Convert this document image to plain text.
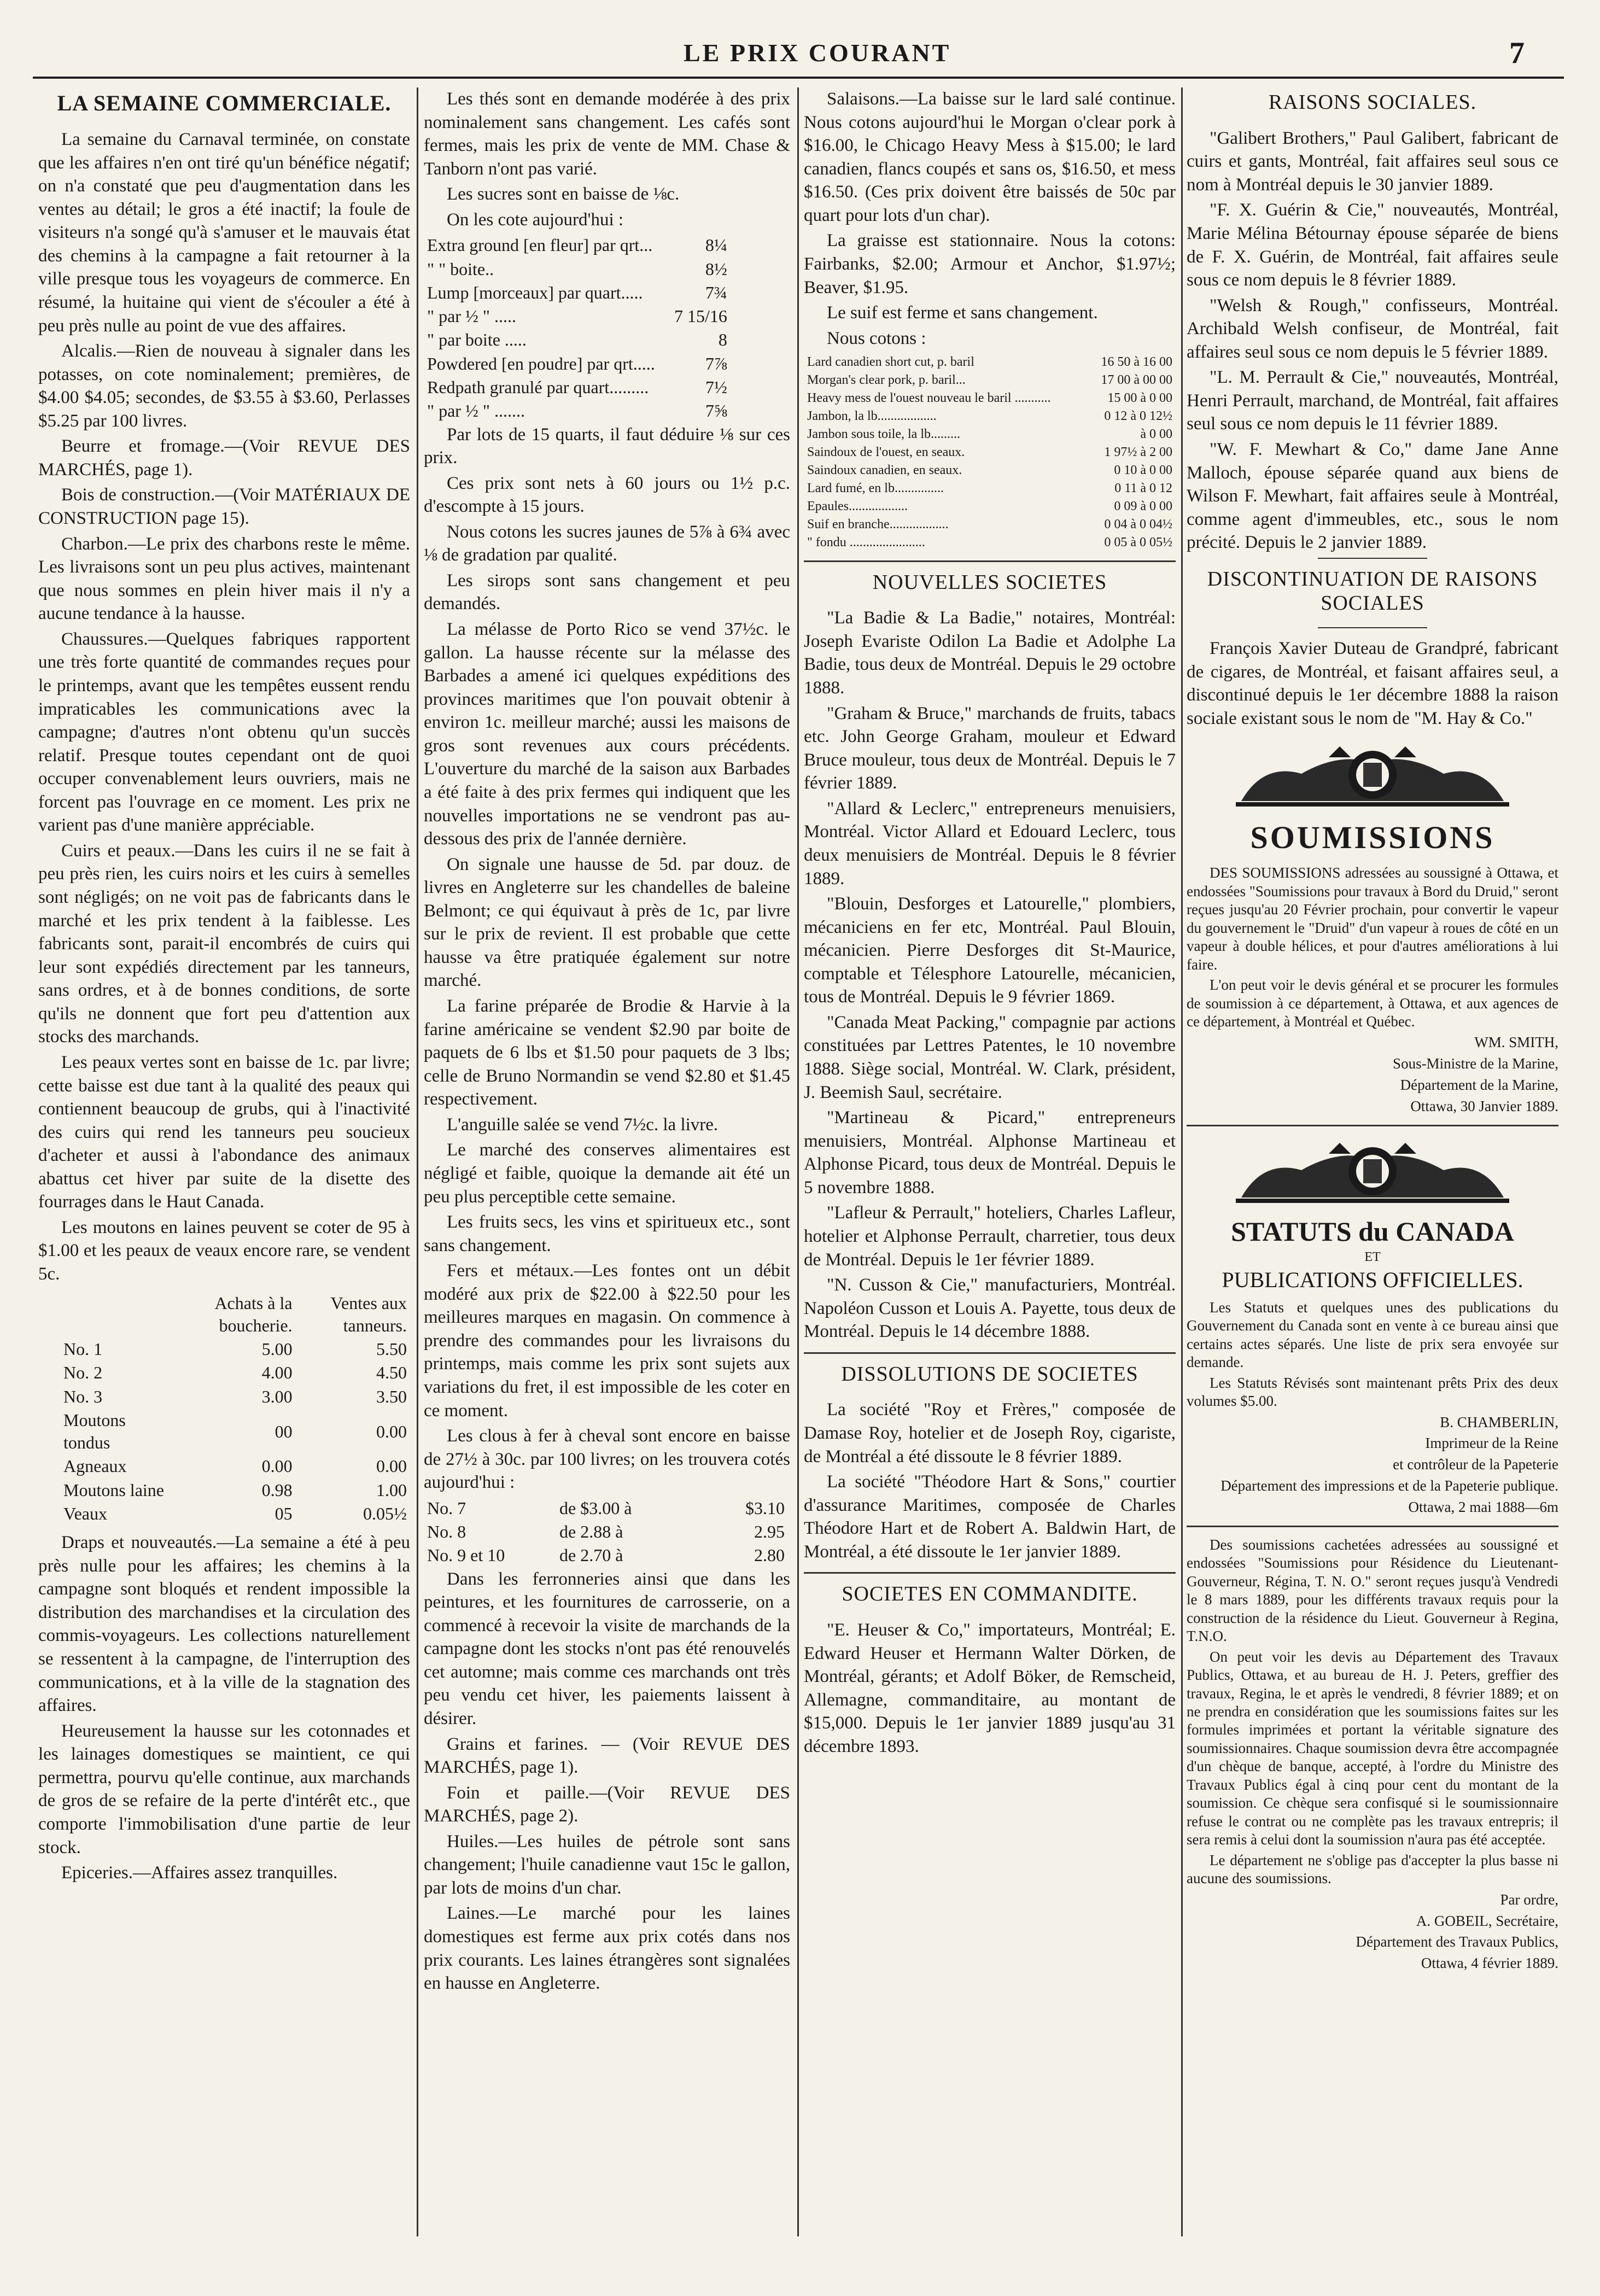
LE PRIX COURANT	7
LA SEMAINE COMMERCIALE.

La semaine du Carnaval terminée, on constate que les affaires n'en ont tiré qu'un bénéfice négatif; on n'a constaté que peu d'augmentation dans les ventes au détail; le gros a été inactif; la foule de visiteurs n'a songé qu'à s'amuser et le mauvais état des chemins à la campagne a fait retourner à la ville presque tous les voyageurs de commerce. En résumé, la huitaine qui vient de s'écouler a été à peu près nulle au point de vue des affaires.

Alcalis.—Rien de nouveau à signaler dans les potasses, on cote nominalement; premières, de $4.00 $4.05; secondes, de $3.55 à $3.60, Perlasses $5.25 par 100 livres.

Beurre et fromage.—(Voir REVUE DES MARCHÉS, page 1).

Bois de construction.—(Voir MATÉRIAUX DE CONSTRUCTION page 15).

Charbon.—Le prix des charbons reste le même. Les livraisons sont un peu plus actives, maintenant que nous sommes en plein hiver mais il n'y a aucune tendance à la hausse.

Chaussures.—Quelques fabriques rapportent une très forte quantité de commandes reçues pour le printemps, avant que les tempêtes eussent rendu impraticables les communications avec la campagne; d'autres n'ont obtenu qu'un succès relatif. Presque toutes cependant ont de quoi occuper convenablement leurs ouvriers, mais ne forcent pas l'ouvrage en ce moment. Les prix ne varient pas d'une manière appréciable.

Cuirs et peaux.—Dans les cuirs il ne se fait à peu près rien, les cuirs noirs et les cuirs à semelles sont négligés; on ne voit pas de fabricants dans le marché et les prix tendent à la faiblesse. Les fabricants sont, parait-il encombrés de cuirs qui leur sont expédiés directement par les tanneurs, sans ordres, et à de bonnes conditions, de sorte qu'ils ne donnent que fort peu d'attention aux stocks des marchands.

Les peaux vertes sont en baisse de 1c. par livre; cette baisse est due tant à la qualité des peaux qui contiennent beaucoup de grubs, qui à l'inactivité des cuirs qui rend les tanneurs peu soucieux d'acheter et aussi à l'abondance des animaux abattus cet hiver par suite de la disette des fourrages dans le Haut Canada.

Les moutons en laines peuvent se coter de 95 à $1.00 et les peaux de veaux encore rare, se vendent 5c.

	Achats à la boucherie.	Ventes aux tanneurs.
No. 1	5.00	5.50
No. 2	4.00	4.50
No. 3	3.00	3.50
Moutons tondus	00	0.00
Agneaux	0.00	0.00
Moutons laine	0.98	1.00
Veaux	05	0.05½

Draps et nouveautés.—La semaine a été à peu près nulle pour les affaires; les chemins à la campagne sont bloqués et rendent impossible la distribution des marchandises et la circulation des commis-voyageurs. Les collections naturellement se ressentent à la campagne, de l'interruption des communications, et à la ville de la stagnation des affaires.

Heureusement la hausse sur les cotonnades et les lainages domestiques se maintient, ce qui permettra, pourvu qu'elle continue, aux marchands de gros de se refaire de la perte d'intérêt etc., que comporte l'immobilisation d'une partie de leur stock.

Epiceries.—Affaires assez tranquilles.

Les thés sont en demande modérée à des prix nominalement sans changement. Les cafés sont fermes, mais les prix de vente de MM. Chase & Tanborn n'ont pas varié.

Les sucres sont en baisse de ⅛c.

On les cote aujourd'hui :

Extra ground [en fleur] par qrt...	8¼
" " boite..	8½
Lump [morceaux] par quart.....	7¾
" par ½ " .....	7 15/16
" par boite .....	8
Powdered [en poudre] par qrt.....	7⅞
Redpath granulé par quart.........	7½
" par ½ " .......	7⅝

Par lots de 15 quarts, il faut déduire ⅛ sur ces prix.

Ces prix sont nets à 60 jours ou 1½ p.c. d'escompte à 15 jours.

Nous cotons les sucres jaunes de 5⅞ à 6¾ avec ⅛ de gradation par qualité.

Les sirops sont sans changement et peu demandés.

La mélasse de Porto Rico se vend 37½c. le gallon. La hausse récente sur la mélasse des Barbades a amené ici quelques expéditions des provinces maritimes que l'on pouvait obtenir à environ 1c. meilleur marché; aussi les maisons de gros sont revenues aux cours précédents. L'ouverture du marché de la saison aux Barbades a été faite à des prix fermes qui indiquent que les nouvelles importations ne se vendront pas au-dessous des prix de l'année dernière.

On signale une hausse de 5d. par douz. de livres en Angleterre sur les chandelles de baleine Belmont; ce qui équivaut à près de 1c, par livre sur le prix de revient. Il est probable que cette hausse va être pratiquée également sur notre marché.

La farine préparée de Brodie & Harvie à la farine américaine se vendent $2.90 par boite de paquets de 6 lbs et $1.50 pour paquets de 3 lbs; celle de Bruno Normandin se vend $2.80 et $1.45 respectivement.

L'anguille salée se vend 7½c. la livre.

Le marché des conserves alimentaires est négligé et faible, quoique la demande ait été un peu plus perceptible cette semaine.

Les fruits secs, les vins et spiritueux etc., sont sans changement.

Fers et métaux.—Les fontes ont un débit modéré aux prix de $22.00 à $22.50 pour les meilleures marques en magasin. On commence à prendre des commandes pour les livraisons du printemps, mais comme les prix sont sujets aux variations du fret, il est impossible de les coter en ce moment.

Les clous à fer à cheval sont encore en baisse de 27½ à 30c. par 100 livres; on les trouvera cotés aujourd'hui :

No. 7	de $3.00 à	$3.10
No. 8	de 2.88 à	2.95
No. 9 et 10	de 2.70 à	2.80

Dans les ferronneries ainsi que dans les peintures, et les fournitures de carrosserie, on a commencé à recevoir la visite de marchands de la campagne dont les stocks n'ont pas été renouvelés cet automne; mais comme ces marchands ont très peu vendu cet hiver, les paiements laissent à désirer.

Grains et farines. — (Voir REVUE DES MARCHÉS, page 1).

Foin et paille.—(Voir REVUE DES MARCHÉS, page 2).

Huiles.—Les huiles de pétrole sont sans changement; l'huile canadienne vaut 15c le gallon, par lots de moins d'un char.

Laines.—Le marché pour les laines domestiques est ferme aux prix cotés dans nos prix courants. Les laines étrangères sont signalées en hausse en Angleterre.

Salaisons.—La baisse sur le lard salé continue. Nous cotons aujourd'hui le Morgan o'clear pork à $16.00, le Chicago Heavy Mess à $15.00; le lard canadien, flancs coupés et sans os, $16.50, et mess $16.50. (Ces prix doivent être baissés de 50c par quart pour lots d'un char).

La graisse est stationnaire. Nous la cotons: Fairbanks, $2.00; Armour et Anchor, $1.97½; Beaver, $1.95.

Le suif est ferme et sans changement.

Nous cotons :

Lard canadien short cut, p. baril	16 50 à 16 00
Morgan's clear pork, p. baril...	17 00 à 00 00
Heavy mess de l'ouest nouveau le baril ...........	15 00 à 0 00
Jambon, la lb..................	0 12 à 0 12½
Jambon sous toile, la lb.........	à 0 00
Saindoux de l'ouest, en seaux.	1 97½ à 2 00
Saindoux canadien, en seaux.	0 10 à 0 00
Lard fumé, en lb...............	0 11 à 0 12
Epaules..................	0 09 à 0 00
Suif en branche..................	0 04 à 0 04½
" fondu .......................	0 05 à 0 05½
NOUVELLES SOCIETES

"La Badie & La Badie," notaires, Montréal: Joseph Evariste Odilon La Badie et Adolphe La Badie, tous deux de Montréal. Depuis le 29 octobre 1888.

"Graham & Bruce," marchands de fruits, tabacs etc. John George Graham, mouleur et Edward Bruce mouleur, tous deux de Montréal. Depuis le 7 février 1889.

"Allard & Leclerc," entrepreneurs menuisiers, Montréal. Victor Allard et Edouard Leclerc, tous deux menuisiers de Montréal. Depuis le 8 février 1889.

"Blouin, Desforges et Latourelle," plombiers, mécaniciens en fer etc, Montréal. Paul Blouin, mécanicien. Pierre Desforges dit St-Maurice, comptable et Télesphore Latourelle, mécanicien, tous de Montréal. Depuis le 9 février 1869.

"Canada Meat Packing," compagnie par actions constituées par Lettres Patentes, le 10 novembre 1888. Siège social, Montréal. W. Clark, président, J. Beemish Saul, secrétaire.

"Martineau & Picard," entrepreneurs menuisiers, Montréal. Alphonse Martineau et Alphonse Picard, tous deux de Montréal. Depuis le 5 novembre 1888.

"Lafleur & Perrault," hoteliers, Charles Lafleur, hotelier et Alphonse Perrault, charretier, tous deux de Montréal. Depuis le 1er février 1889.

"N. Cusson & Cie," manufacturiers, Montréal. Napoléon Cusson et Louis A. Payette, tous deux de Montréal. Depuis le 14 décembre 1888.

DISSOLUTIONS DE SOCIETES

La société "Roy et Frères," composée de Damase Roy, hotelier et de Joseph Roy, cigariste, de Montréal a été dissoute le 8 février 1889.

La société "Théodore Hart & Sons," courtier d'assurance Maritimes, composée de Charles Théodore Hart et de Robert A. Baldwin Hart, de Montréal, a été dissoute le 1er janvier 1889.

SOCIETES EN COMMANDITE.

"E. Heuser & Co," importateurs, Montréal; E. Edward Heuser et Hermann Walter Dörken, de Montréal, gérants; et Adolf Böker, de Remscheid, Allemagne, commanditaire, au montant de $15,000. Depuis le 1er janvier 1889 jusqu'au 31 décembre 1893.

RAISONS SOCIALES.

"Galibert Brothers," Paul Galibert, fabricant de cuirs et gants, Montréal, fait affaires seul sous ce nom à Montréal depuis le 30 janvier 1889.

"F. X. Guérin & Cie," nouveautés, Montréal, Marie Mélina Bétournay épouse séparée de biens de F. X. Guérin, de Montréal, fait affaires seule sous ce nom depuis le 8 février 1889.

"Welsh & Rough," confisseurs, Montréal. Archibald Welsh confiseur, de Montréal, fait affaires seul sous ce nom depuis le 5 février 1889.

"L. M. Perrault & Cie," nouveautés, Montréal, Henri Perrault, marchand, de Montréal, fait affaires seul sous ce nom depuis le 11 février 1889.

"W. F. Mewhart & Co," dame Jane Anne Malloch, épouse séparée quand aux biens de Wilson F. Mewhart, fait affaires seule à Montréal, comme agent d'immeubles, etc., sous le nom précité. Depuis le 2 janvier 1889.

DISCONTINUATION DE RAISONS SOCIALES

François Xavier Duteau de Grandpré, fabricant de cigares, de Montréal, et faisant affaires seul, a discontinué depuis le 1er décembre 1888 la raison sociale existant sous le nom de "M. Hay & Co."

SOUMISSIONS

DES SOUMISSIONS adressées au soussigné à Ottawa, et endossées "Soumissions pour travaux à Bord du Druid," seront reçues jusqu'au 20 Février prochain, pour convertir le vapeur du gouvernement le "Druid" d'un vapeur à roues de côté en un vapeur à double hélices, et pour d'autres améliorations à lui faire.

L'on peut voir le devis général et se procurer les formules de soumission à ce département, à Ottawa, et aux agences de ce département, à Montréal et Québec.

WM. SMITH,
Sous-Ministre de la Marine,
Département de la Marine,
Ottawa, 30 Janvier 1889.
STATUTS du CANADA
ET
PUBLICATIONS OFFICIELLES.

Les Statuts et quelques unes des publications du Gouvernement du Canada sont en vente à ce bureau ainsi que certains actes séparés. Une liste de prix sera envoyée sur demande.

Les Statuts Révisés sont maintenant prêts Prix des deux volumes $5.00.

B. CHAMBERLIN,
Imprimeur de la Reine
et contrôleur de la Papeterie
Département des impressions et de la Papeterie publique.
Ottawa, 2 mai 1888—6m

Des soumissions cachetées adressées au soussigné et endossées "Soumissions pour Résidence du Lieutenant-Gouverneur, Régina, T. N. O." seront reçues jusqu'à Vendredi le 8 mars 1889, pour les différents travaux requis pour la construction de la résidence du Lieut. Gouverneur à Regina, T.N.O.

On peut voir les devis au Département des Travaux Publics, Ottawa, et au bureau de H. J. Peters, greffier des travaux, Regina, le et après le vendredi, 8 février 1889; et on ne prendra en considération que les soumissions faites sur les formules imprimées et portant la véritable signature des soumissionnaires. Chaque soumission devra être accompagnée d'un chèque de banque, accepté, à l'ordre du Ministre des Travaux Publics égal à cinq pour cent du montant de la soumission. Ce chèque sera confisqué si le soumissionnaire refuse le contrat ou ne complète pas les travaux entrepris; il sera remis à celui dont la soumission n'aura pas été acceptée.

Le département ne s'oblige pas d'accepter la plus basse ni aucune des soumissions.

Par ordre,
A. GOBEIL, Secrétaire,
Département des Travaux Publics,
Ottawa, 4 février 1889.
